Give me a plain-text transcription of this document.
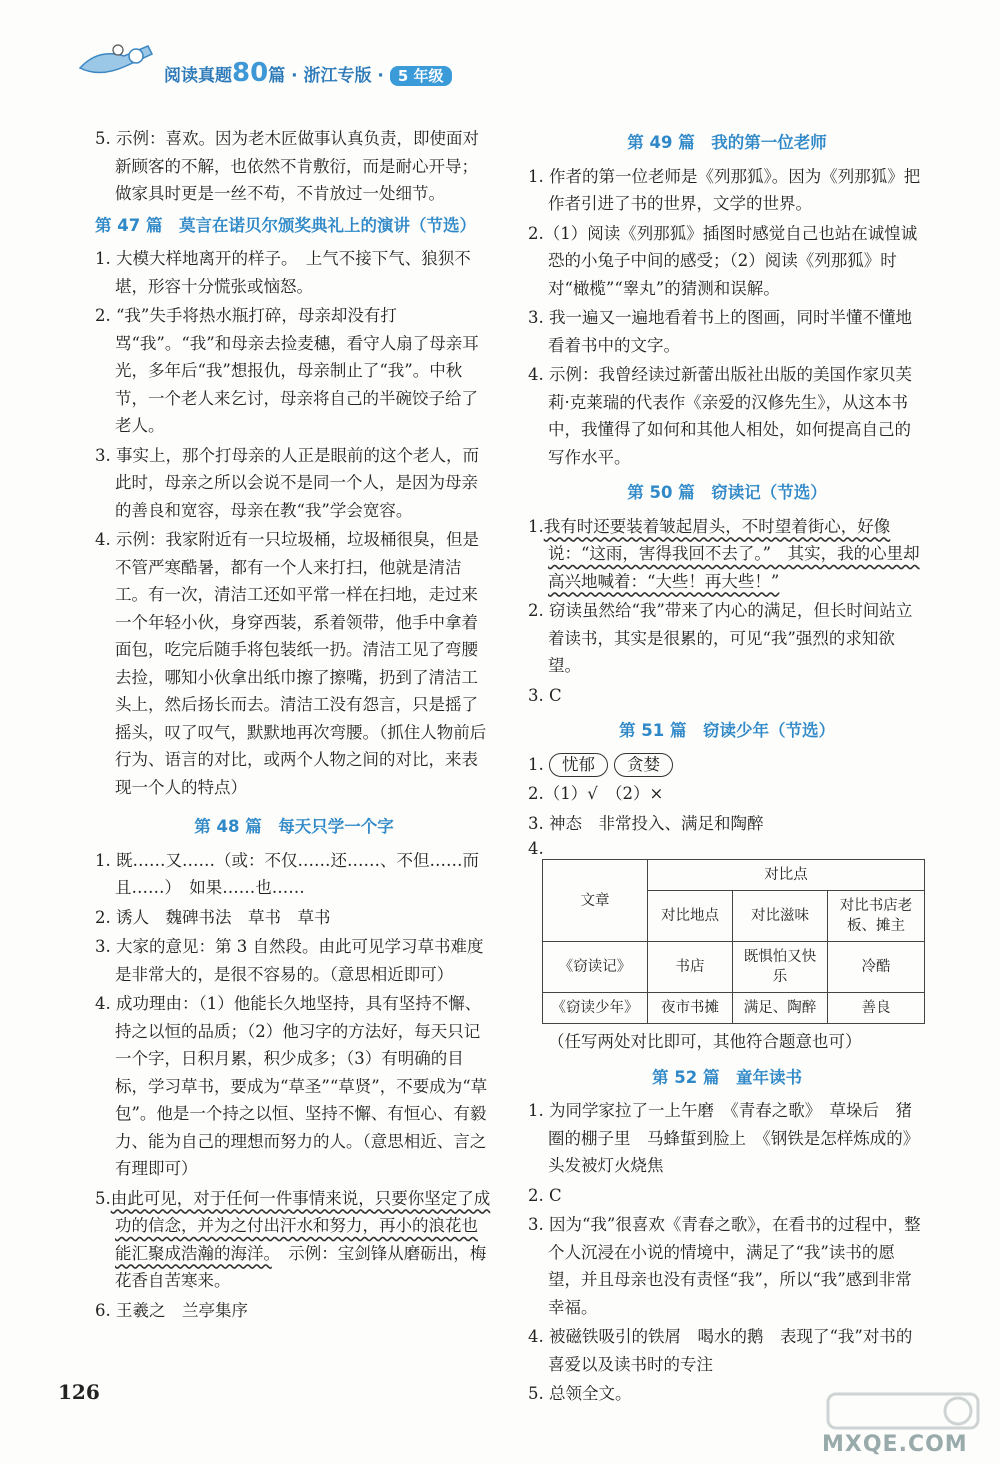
阅读真题80篇 · 浙江专版 · 5 年级
5. 示例：喜欢。因为老木匠做事认真负责，即使面对新顾客的不解，也依然不肯敷衍，而是耐心开导；做家具时更是一丝不苟，不肯放过一处细节。
第 47 篇　莫言在诺贝尔颁奖典礼上的演讲（节选）
1. 大模大样地离开的样子。　上气不接下气、狼狈不堪，形容十分慌张或恼怒。
2. “我”失手将热水瓶打碎，母亲却没有打骂“我”。“我”和母亲去捡麦穗，看守人扇了母亲耳光，多年后“我”想报仇，母亲制止了“我”。中秋节，一个老人来乞讨，母亲将自己的半碗饺子给了老人。
3. 事实上，那个打母亲的人正是眼前的这个老人，而此时，母亲之所以会说不是同一个人，是因为母亲的善良和宽容，母亲在教“我”学会宽容。
4. 示例：我家附近有一只垃圾桶，垃圾桶很臭，但是不管严寒酷暑，都有一个人来打扫，他就是清洁工。有一次，清洁工还如平常一样在扫地，走过来一个年轻小伙，身穿西装，系着领带，他手中拿着面包，吃完后随手将包装纸一扔。清洁工见了弯腰去捡，哪知小伙拿出纸巾擦了擦嘴，扔到了清洁工头上，然后扬长而去。清洁工没有怨言，只是摇了摇头，叹了叹气，默默地再次弯腰。（抓住人物前后行为、语言的对比，或两个人物之间的对比，来表现一个人的特点）
第 48 篇　每天只学一个字
1. 既……又……（或：不仅……还……、不但……而且……）　如果……也……
2. 诱人　魏碑书法　草书　草书
3. 大家的意见：第 3 自然段。由此可见学习草书难度是非常大的，是很不容易的。（意思相近即可）
4. 成功理由：（1）他能长久地坚持，具有坚持不懈、持之以恒的品质；（2）他习字的方法好，每天只记一个字，日积月累，积少成多；（3）有明确的目标，学习草书，要成为“草圣”“草贤”，不要成为“草包”。他是一个持之以恒、坚持不懈、有恒心、有毅力、能为自己的理想而努力的人。（意思相近、言之有理即可）
5.由此可见，对于任何一件事情来说，只要你坚定了成功的信念，并为之付出汗水和努力，再小的浪花也能汇聚成浩瀚的海洋。　示例：宝剑锋从磨砺出，梅花香自苦寒来。
6. 王羲之　兰亭集序
第 49 篇　我的第一位老师
1. 作者的第一位老师是《列那狐》。因为《列那狐》把作者引进了书的世界，文学的世界。
2.（1）阅读《列那狐》插图时感觉自己也站在诚惶诚恐的小兔子中间的感受；（2）阅读《列那狐》时对“橄榄”“睾丸”的猜测和误解。
3. 我一遍又一遍地看着书上的图画，同时半懂不懂地看着书中的文字。
4. 示例：我曾经读过新蕾出版社出版的美国作家贝芙莉·克莱瑞的代表作《亲爱的汉修先生》，从这本书中，我懂得了如何和其他人相处，如何提高自己的写作水平。
第 50 篇　窃读记（节选）
1.我有时还要装着皱起眉头，不时望着街心，好像说：“这雨，害得我回不去了。”　其实，我的心里却高兴地喊着：“大些！再大些！”
2. 窃读虽然给“我”带来了内心的满足，但长时间站立着读书，其实是很累的，可见“我”强烈的求知欲望。
3. C
第 51 篇　窃读少年（节选）
1. 忧郁 贪婪
2.（1）√　（2）×
3. 神态　非常投入、满足和陶醉
4.
文章	对比点		
	对比地点	对比滋味	对比书店老板、摊主
《窃读记》	书店	既惧怕又快乐	冷酷
《窃读少年》	夜市书摊	满足、陶醉	善良
（任写两处对比即可，其他符合题意也可）
第 52 篇　童年读书
1. 为同学家拉了一上午磨　《青春之歌》　草垛后　猪圈的棚子里　马蜂蜇到脸上　《钢铁是怎样炼成的》　头发被灯火烧焦
2. C
3. 因为“我”很喜欢《青春之歌》，在看书的过程中，整个人沉浸在小说的情境中，满足了“我”读书的愿望，并且母亲也没有责怪“我”，所以“我”感到非常幸福。
4. 被磁铁吸引的铁屑　喝水的鹅　表现了“我”对书的喜爱以及读书时的专注
5. 总领全文。
126
MXQE.COM
